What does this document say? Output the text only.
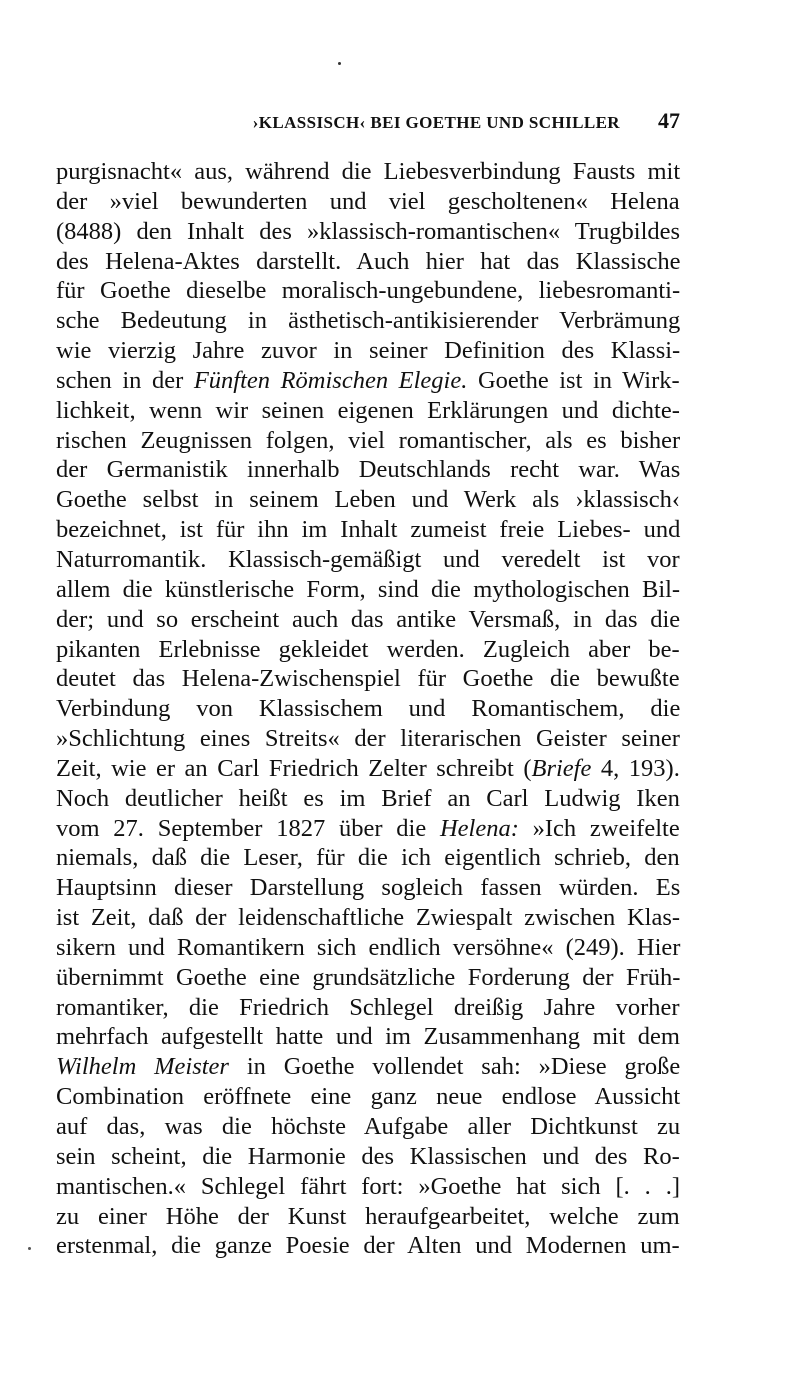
›KLASSISCH‹ BEI GOETHE UND SCHILLER 47
purgisnacht« aus, während die Liebesverbindung Fausts mit
der »viel bewunderten und viel gescholtenen« Helena
(8488) den Inhalt des »klassisch-romantischen« Trugbildes
des Helena-Aktes darstellt. Auch hier hat das Klassische
für Goethe dieselbe moralisch-ungebundene, liebesromanti-
sche Bedeutung in ästhetisch-antikisierender Verbrämung
wie vierzig Jahre zuvor in seiner Definition des Klassi-
schen in der Fünften Römischen Elegie. Goethe ist in Wirk-
lichkeit, wenn wir seinen eigenen Erklärungen und dichte-
rischen Zeugnissen folgen, viel romantischer, als es bisher
der Germanistik innerhalb Deutschlands recht war. Was
Goethe selbst in seinem Leben und Werk als ›klassisch‹
bezeichnet, ist für ihn im Inhalt zumeist freie Liebes- und
Naturromantik. Klassisch-gemäßigt und veredelt ist vor
allem die künstlerische Form, sind die mythologischen Bil-
der; und so erscheint auch das antike Versmaß, in das die
pikanten Erlebnisse gekleidet werden. Zugleich aber be-
deutet das Helena-Zwischenspiel für Goethe die bewußte
Verbindung von Klassischem und Romantischem, die
»Schlichtung eines Streits« der literarischen Geister seiner
Zeit, wie er an Carl Friedrich Zelter schreibt (Briefe 4, 193).
Noch deutlicher heißt es im Brief an Carl Ludwig Iken
vom 27. September 1827 über die Helena: »Ich zweifelte
niemals, daß die Leser, für die ich eigentlich schrieb, den
Hauptsinn dieser Darstellung sogleich fassen würden. Es
ist Zeit, daß der leidenschaftliche Zwiespalt zwischen Klas-
sikern und Romantikern sich endlich versöhne« (249). Hier
übernimmt Goethe eine grundsätzliche Forderung der Früh-
romantiker, die Friedrich Schlegel dreißig Jahre vorher
mehrfach aufgestellt hatte und im Zusammenhang mit dem
Wilhelm Meister in Goethe vollendet sah: »Diese große
Combination eröffnete eine ganz neue endlose Aussicht
auf das, was die höchste Aufgabe aller Dichtkunst zu
sein scheint, die Harmonie des Klassischen und des Ro-
mantischen.« Schlegel fährt fort: »Goethe hat sich [. . .]
zu einer Höhe der Kunst heraufgearbeitet, welche zum
erstenmal, die ganze Poesie der Alten und Modernen um-
